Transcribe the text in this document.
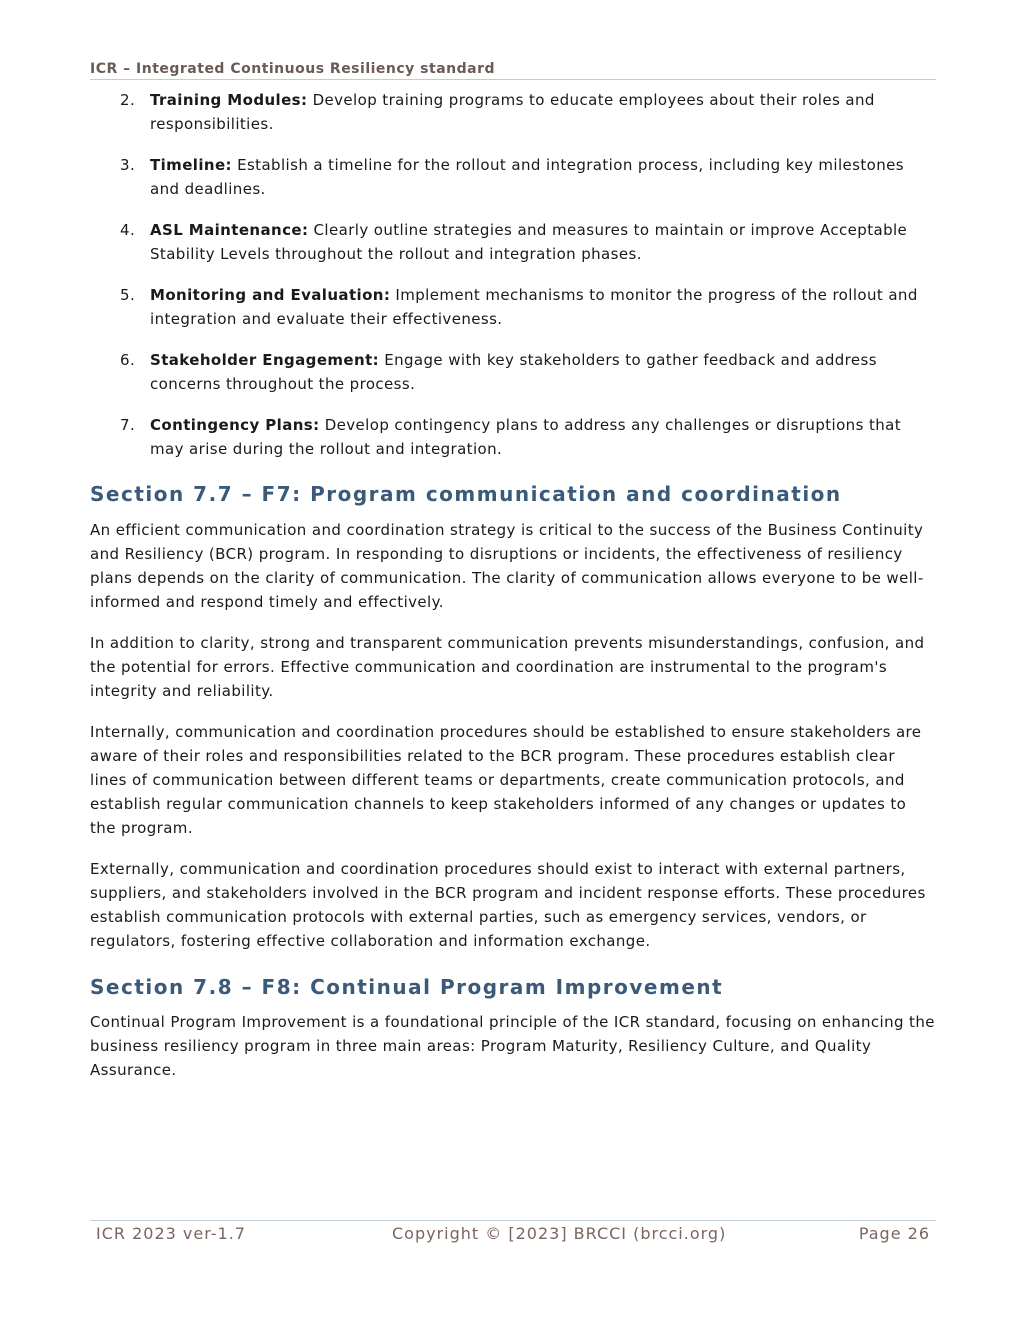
ICR – Integrated Continuous Resiliency standard
2. Training Modules: Develop training programs to educate employees about their roles and responsibilities.
3. Timeline: Establish a timeline for the rollout and integration process, including key milestones and deadlines.
4. ASL Maintenance: Clearly outline strategies and measures to maintain or improve Acceptable Stability Levels throughout the rollout and integration phases.
5. Monitoring and Evaluation: Implement mechanisms to monitor the progress of the rollout and integration and evaluate their effectiveness.
6. Stakeholder Engagement: Engage with key stakeholders to gather feedback and address concerns throughout the process.
7. Contingency Plans: Develop contingency plans to address any challenges or disruptions that may arise during the rollout and integration.
Section 7.7 – F7: Program communication and coordination

An efficient communication and coordination strategy is critical to the success of the Business Continuity and Resiliency (BCR) program. In responding to disruptions or incidents, the effectiveness of resiliency plans depends on the clarity of communication. The clarity of communication allows everyone to be well-informed and respond timely and effectively.

In addition to clarity, strong and transparent communication prevents misunderstandings, confusion, and the potential for errors. Effective communication and coordination are instrumental to the program's integrity and reliability.

Internally, communication and coordination procedures should be established to ensure stakeholders are aware of their roles and responsibilities related to the BCR program. These procedures establish clear lines of communication between different teams or departments, create communication protocols, and establish regular communication channels to keep stakeholders informed of any changes or updates to the program.

Externally, communication and coordination procedures should exist to interact with external partners, suppliers, and stakeholders involved in the BCR program and incident response efforts. These procedures establish communication protocols with external parties, such as emergency services, vendors, or regulators, fostering effective collaboration and information exchange.

Section 7.8 – F8: Continual Program Improvement

Continual Program Improvement is a foundational principle of the ICR standard, focusing on enhancing the business resiliency program in three main areas: Program Maturity, Resiliency Culture, and Quality Assurance.

ICR 2023 ver-1.7	Copyright © [2023] BRCCI (brcci.org)	Page 26
